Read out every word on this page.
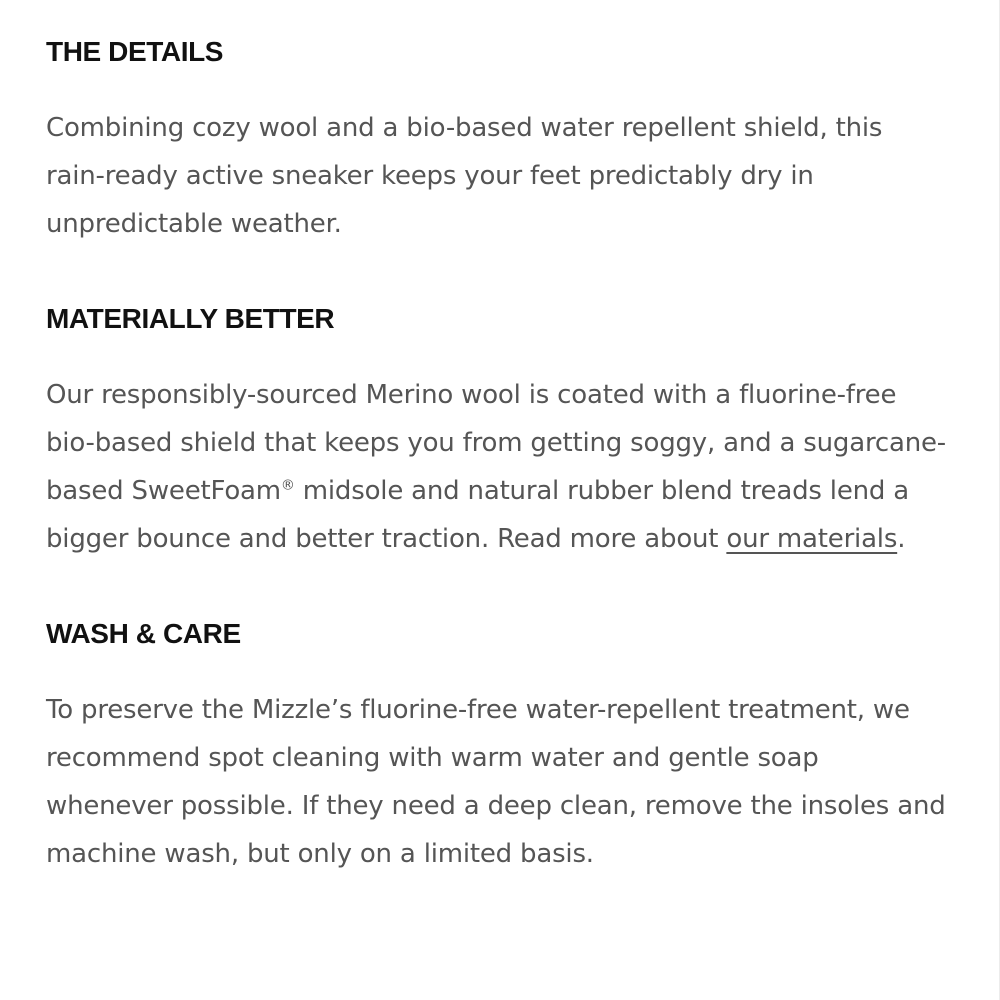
THE DETAILS

Combining cozy wool and a bio-based water repellent shield, this rain-ready active sneaker keeps your feet predictably dry in unpredictable weather.

MATERIALLY BETTER

Our responsibly-sourced Merino wool is coated with a fluorine-free bio-based shield that keeps you from getting soggy, and a sugarcane-based SweetFoam® midsole and natural rubber blend treads lend a bigger bounce and better traction. Read more about our materials.

WASH & CARE

To preserve the Mizzle’s fluorine-free water-repellent treatment, we recommend spot cleaning with warm water and gentle soap whenever possible. If they need a deep clean, remove the insoles and machine wash, but only on a limited basis.
